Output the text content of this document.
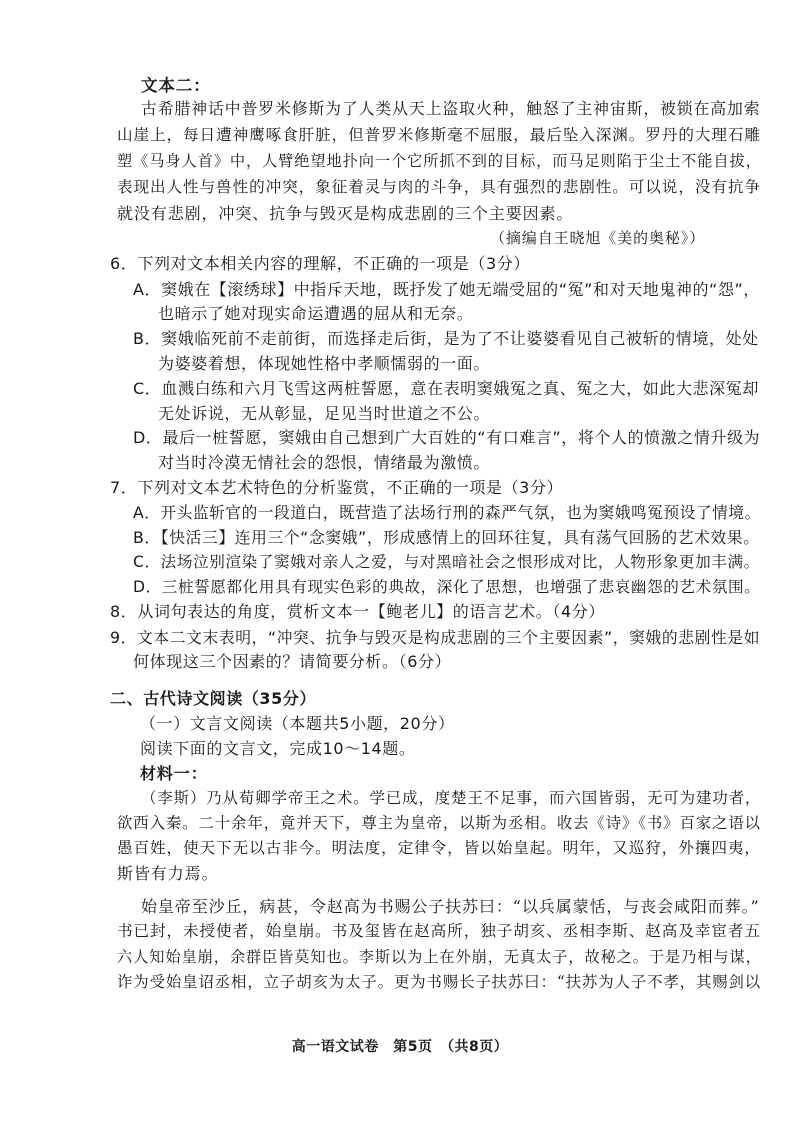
文本二：
古希腊神话中普罗米修斯为了人类从天上盗取火种，触怒了主神宙斯，被锁在高加索
山崖上，每日遭神鹰啄食肝脏，但普罗米修斯毫不屈服，最后坠入深渊。罗丹的大理石雕
塑《马身人首》中，人臂绝望地扑向一个它所抓不到的目标，而马足则陷于尘土不能自拔，
表现出人性与兽性的冲突，象征着灵与肉的斗争，具有强烈的悲剧性。可以说，没有抗争
就没有悲剧，冲突、抗争与毁灭是构成悲剧的三个主要因素。
（摘编自王晓旭《美的奥秘》）
6．下列对文本相关内容的理解，不正确的一项是（3分）
A．窦娥在【滚绣球】中指斥天地，既抒发了她无端受屈的“冤”和对天地鬼神的“怨”，
也暗示了她对现实命运遭遇的屈从和无奈。
B．窦娥临死前不走前街，而选择走后街，是为了不让婆婆看见自己被斩的情境，处处
为婆婆着想，体现她性格中孝顺懦弱的一面。
C．血溅白练和六月飞雪这两桩誓愿，意在表明窦娥冤之真、冤之大，如此大悲深冤却
无处诉说，无从彰显，足见当时世道之不公。
D．最后一桩誓愿，窦娥由自己想到广大百姓的“有口难言”，将个人的愤激之情升级为
对当时冷漠无情社会的怨恨，情绪最为激愤。
7．下列对文本艺术特色的分析鉴赏，不正确的一项是（3分）
A．开头监斩官的一段道白，既营造了法场行刑的森严气氛，也为窦娥鸣冤预设了情境。
B．【快活三】连用三个“念窦娥”，形成感情上的回环往复，具有荡气回肠的艺术效果。
C．法场泣别渲染了窦娥对亲人之爱，与对黑暗社会之恨形成对比，人物形象更加丰满。
D．三桩誓愿都化用具有现实色彩的典故，深化了思想，也增强了悲哀幽怨的艺术氛围。
8．从词句表达的角度，赏析文本一【鲍老儿】的语言艺术。（4分）
9．文本二文末表明，“冲突、抗争与毁灭是构成悲剧的三个主要因素”，窦娥的悲剧性是如
何体现这三个因素的？请简要分析。（6分）
二、古代诗文阅读（35分）
（一）文言文阅读（本题共5小题，20分）
阅读下面的文言文，完成10～14题。
材料一：
（李斯）乃从荀卿学帝王之术。学已成，度楚王不足事，而六国皆弱，无可为建功者，
欲西入秦。二十余年，竟并天下，尊主为皇帝，以斯为丞相。收去《诗》《书》百家之语以
愚百姓，使天下无以古非今。明法度，定律令，皆以始皇起。明年，又巡狩，外攘四夷，
斯皆有力焉。
始皇帝至沙丘，病甚，令赵高为书赐公子扶苏曰：“以兵属蒙恬，与丧会咸阳而葬。”
书已封，未授使者，始皇崩。书及玺皆在赵高所，独子胡亥、丞相李斯、赵高及幸宦者五
六人知始皇崩，余群臣皆莫知也。李斯以为上在外崩，无真太子，故秘之。于是乃相与谋，
诈为受始皇诏丞相，立子胡亥为太子。更为书赐长子扶苏曰：“扶苏为人子不孝，其赐剑以
高一语文试卷　第5页　（共8页）
